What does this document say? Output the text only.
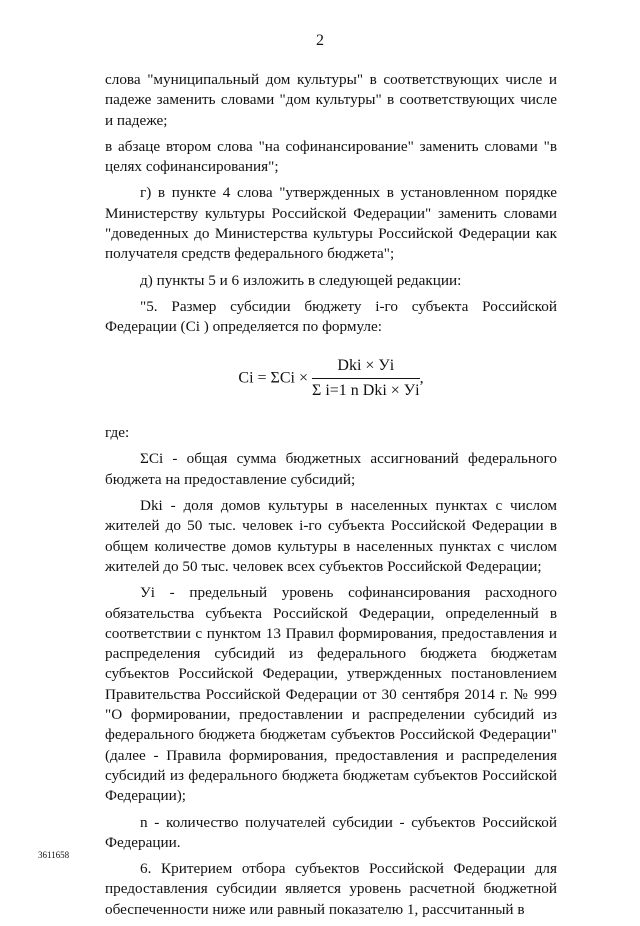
2

слова "муниципальный дом культуры" в соответствующих числе и падеже заменить словами "дом культуры" в соответствующих числе и падеже;

в абзаце втором слова "на софинансирование" заменить словами "в целях софинансирования";

г) в пункте 4 слова "утвержденных в установленном порядке Министерству культуры Российской Федерации" заменить словами "доведенных до Министерства культуры Российской Федерации как получателя средств федерального бюджета";

д) пункты 5 и 6 изложить в следующей редакции:

"5. Размер субсидии бюджету i-го субъекта Российской Федерации (Ci ) определяется по формуле:

$Ci = \Sigma Ci \times \frac{\text{Dki × Уi}}{\text{Σ i=1 n Dki × Уi}}$ ,

где:

ΣCi - общая сумма бюджетных ассигнований федерального бюджета на предоставление субсидий;

Dki - доля домов культуры в населенных пунктах с числом жителей до 50 тыс. человек i-го субъекта Российской Федерации в общем количестве домов культуры в населенных пунктах с числом жителей до 50 тыс. человек всех субъектов Российской Федерации;

Уi - предельный уровень софинансирования расходного обязательства субъекта Российской Федерации, определенный в соответствии с пунктом 13 Правил формирования, предоставления и распределения субсидий из федерального бюджета бюджетам субъектов Российской Федерации, утвержденных постановлением Правительства Российской Федерации от 30 сентября 2014 г. № 999 "О формировании, предоставлении и распределении субсидий из федерального бюджета бюджетам субъектов Российской Федерации" (далее - Правила формирования, предоставления и распределения субсидий из федерального бюджета бюджетам субъектов Российской Федерации);

n - количество получателей субсидии - субъектов Российской Федерации.

6. Критерием отбора субъектов Российской Федерации для предоставления субсидии является уровень расчетной бюджетной обеспеченности ниже или равный показателю 1, рассчитанный в

3611658
